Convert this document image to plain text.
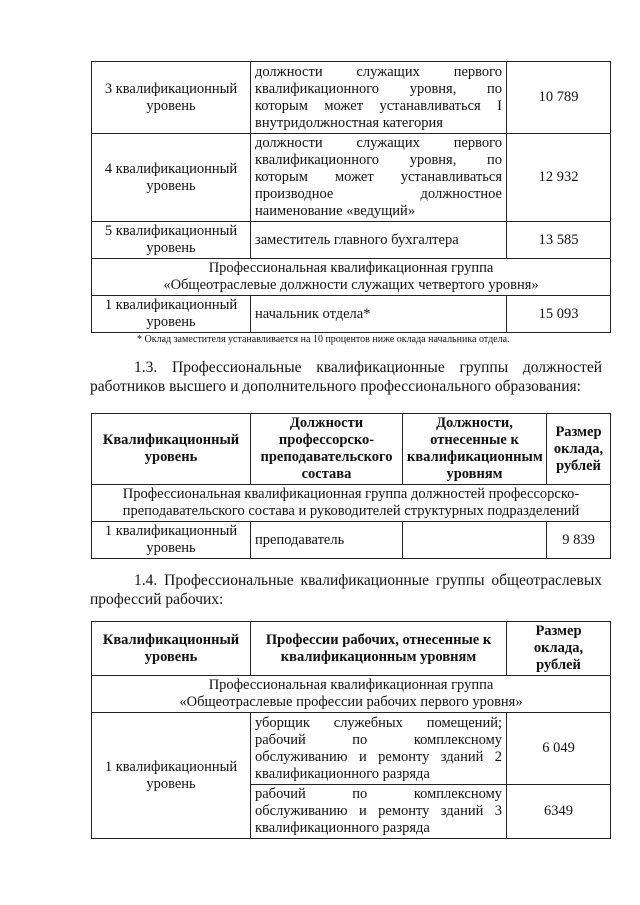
3 квалификационный уровень	должности служащих первого квалификационного уровня, по которым может устанавливаться I внутридолжностная категория	10 789
4 квалификационный уровень	должности служащих первого квалификационного уровня, по которым может устанавливаться производное должностное наименование «ведущий»	12 932
5 квалификационный уровень	заместитель главного бухгалтера	13 585
Профессиональная квалификационная группа
«Общеотраслевые должности служащих четвертого уровня»		
1 квалификационный уровень	начальник отдела*	15 093
* Оклад заместителя устанавливается на 10 процентов ниже оклада начальника отдела.
1.3. Профессиональные квалификационные группы должностей
работников высшего и дополнительного профессионального образования:
Квалификационный уровень	Должности профессорско-преподавательского состава	Должности, отнесенные к квалификационным уровням	Размер оклада, рублей
Профессиональная квалификационная группа должностей профессорско-преподавательского состава и руководителей структурных подразделений			
1 квалификационный уровень	преподаватель		9 839
1.4. Профессиональные квалификационные группы общеотраслевых
профессий рабочих:
Квалификационный уровень	Профессии рабочих, отнесенные к квалификационным уровням	Размер оклада, рублей
Профессиональная квалификационная группа
«Общеотраслевые профессии рабочих первого уровня»		
1 квалификационный уровень	уборщик служебных помещений; рабочий по комплексному обслуживанию и ремонту зданий 2 квалификационного разряда	6 049
	рабочий по комплексному обслуживанию и ремонту зданий 3 квалификационного разряда	6349
